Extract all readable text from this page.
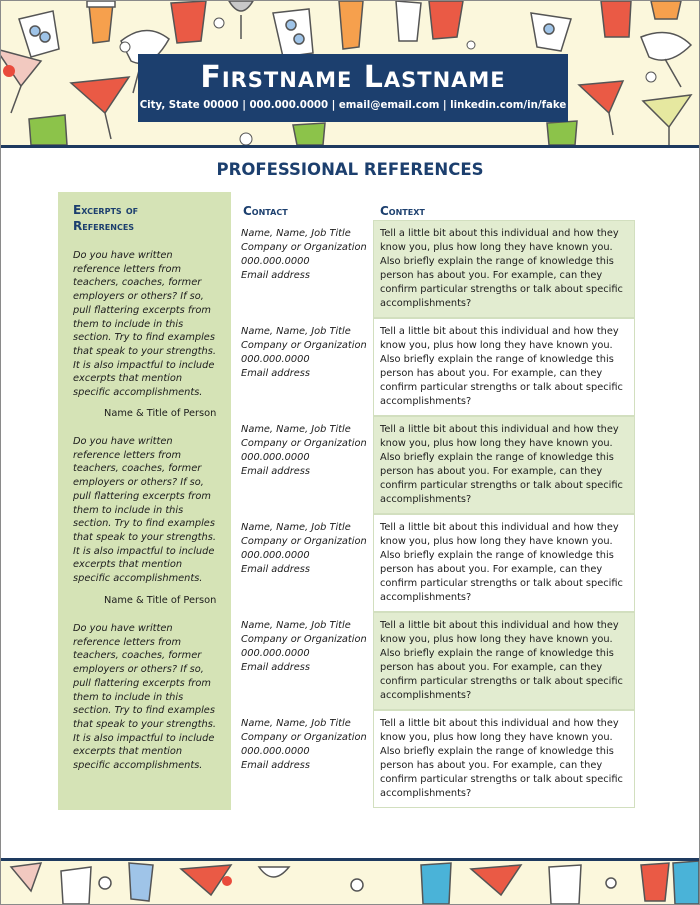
Firstname Lastname
City, State 00000 | 000.000.0000 | email@email.com | linkedin.com/in/fake
PROFESSIONAL REFERENCES
Excerpts of
References
Do you have written reference letters from teachers, coaches, former employers or others? If so, pull flattering excerpts from them to include in this section. Try to find examples that speak to your strengths. It is also impactful to include excerpts that mention specific accomplishments.
Name & Title of Person
Do you have written reference letters from teachers, coaches, former employers or others? If so, pull flattering excerpts from them to include in this section. Try to find examples that speak to your strengths. It is also impactful to include excerpts that mention specific accomplishments.
Name & Title of Person
Do you have written reference letters from teachers, coaches, former employers or others? If so, pull flattering excerpts from them to include in this section. Try to find examples that speak to your strengths. It is also impactful to include excerpts that mention specific accomplishments.
Contact	Context
Name, Name, Job Title
Company or Organization
000.000.0000
Email address
Tell a little bit about this individual and how they know you, plus how long they have known you. Also briefly explain the range of knowledge this person has about you. For example, can they confirm particular strengths or talk about specific accomplishments?
Name, Name, Job Title
Company or Organization
000.000.0000
Email address
Tell a little bit about this individual and how they know you, plus how long they have known you. Also briefly explain the range of knowledge this person has about you. For example, can they confirm particular strengths or talk about specific accomplishments?
Name, Name, Job Title
Company or Organization
000.000.0000
Email address
Tell a little bit about this individual and how they know you, plus how long they have known you. Also briefly explain the range of knowledge this person has about you. For example, can they confirm particular strengths or talk about specific accomplishments?
Name, Name, Job Title
Company or Organization
000.000.0000
Email address
Tell a little bit about this individual and how they know you, plus how long they have known you. Also briefly explain the range of knowledge this person has about you. For example, can they confirm particular strengths or talk about specific accomplishments?
Name, Name, Job Title
Company or Organization
000.000.0000
Email address
Tell a little bit about this individual and how they know you, plus how long they have known you. Also briefly explain the range of knowledge this person has about you. For example, can they confirm particular strengths or talk about specific accomplishments?
Name, Name, Job Title
Company or Organization
000.000.0000
Email address
Tell a little bit about this individual and how they know you, plus how long they have known you. Also briefly explain the range of knowledge this person has about you. For example, can they confirm particular strengths or talk about specific accomplishments?
